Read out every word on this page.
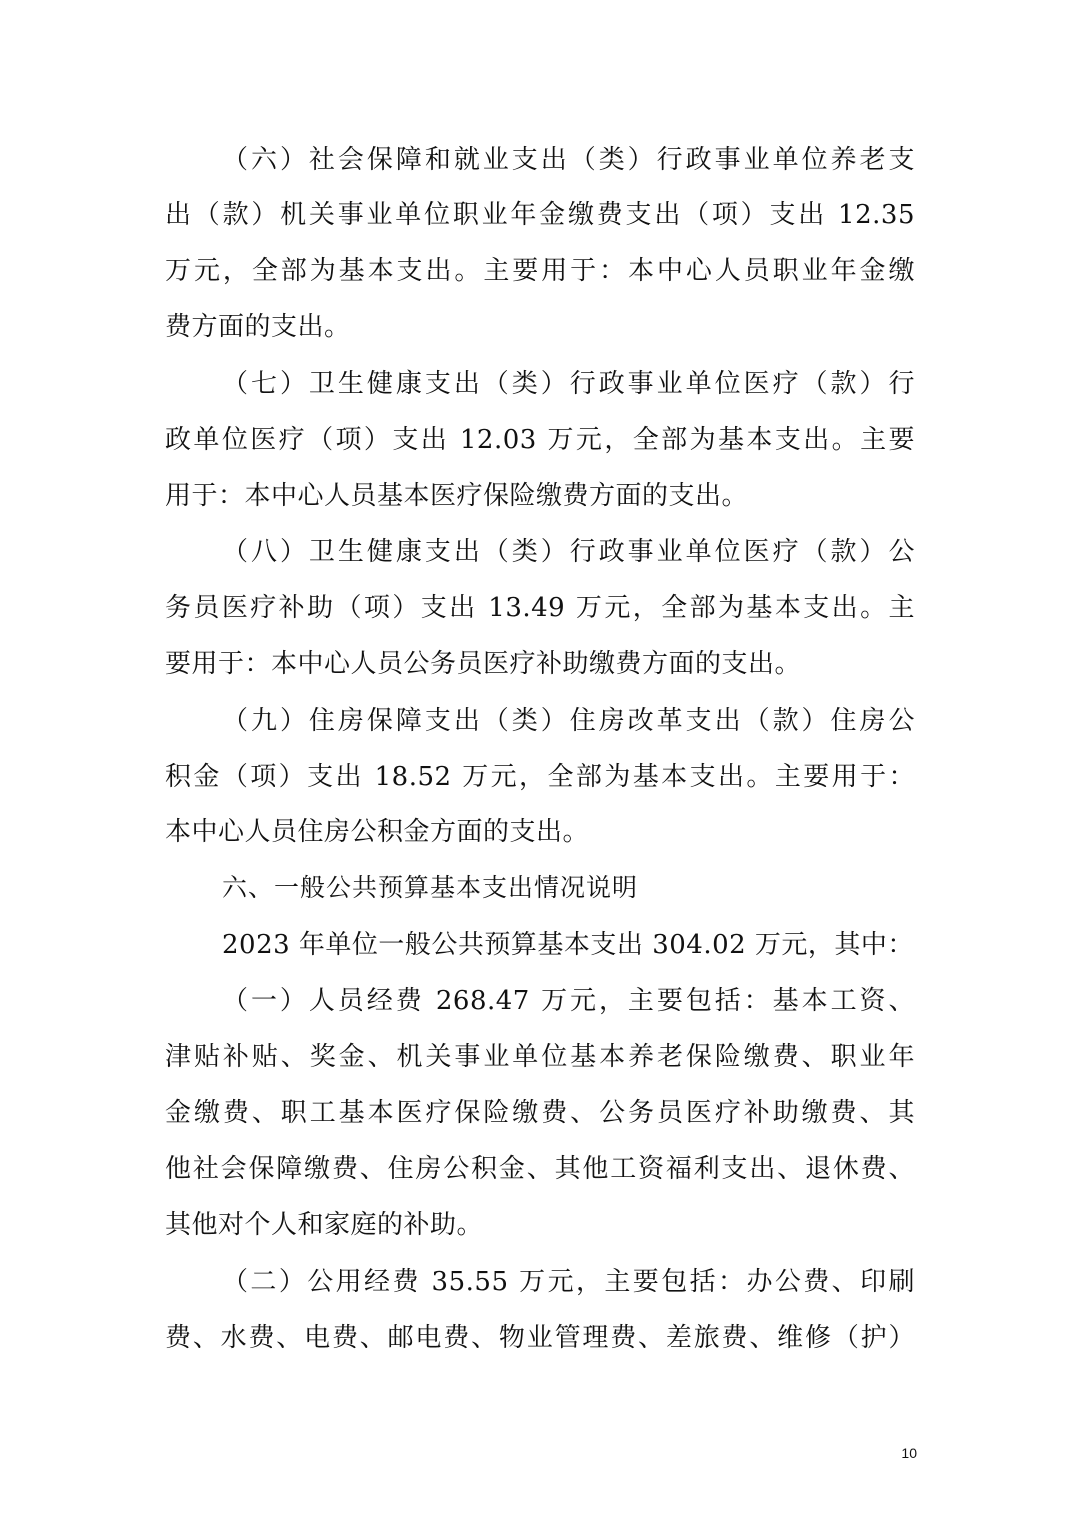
（六）社会保障和就业支出（类）行政事业单位养老支
出（款）机关事业单位职业年金缴费支出（项）支出 12.35
万元，全部为基本支出。主要用于：本中心人员职业年金缴
费方面的支出。
（七）卫生健康支出（类）行政事业单位医疗（款）行
政单位医疗（项）支出 12.03 万元，全部为基本支出。主要
用于：本中心人员基本医疗保险缴费方面的支出。
（八）卫生健康支出（类）行政事业单位医疗（款）公
务员医疗补助（项）支出 13.49 万元，全部为基本支出。主
要用于：本中心人员公务员医疗补助缴费方面的支出。
（九）住房保障支出（类）住房改革支出（款）住房公
积金（项）支出 18.52 万元，全部为基本支出。主要用于：
本中心人员住房公积金方面的支出。
六、一般公共预算基本支出情况说明
2023 年单位一般公共预算基本支出 304.02 万元，其中：
（一）人员经费 268.47 万元，主要包括：基本工资、
津贴补贴、奖金、机关事业单位基本养老保险缴费、职业年
金缴费、职工基本医疗保险缴费、公务员医疗补助缴费、其
他社会保障缴费、住房公积金、其他工资福利支出、退休费、
其他对个人和家庭的补助。
（二）公用经费 35.55 万元，主要包括：办公费、印刷
费、水费、电费、邮电费、物业管理费、差旅费、维修（护）
10
